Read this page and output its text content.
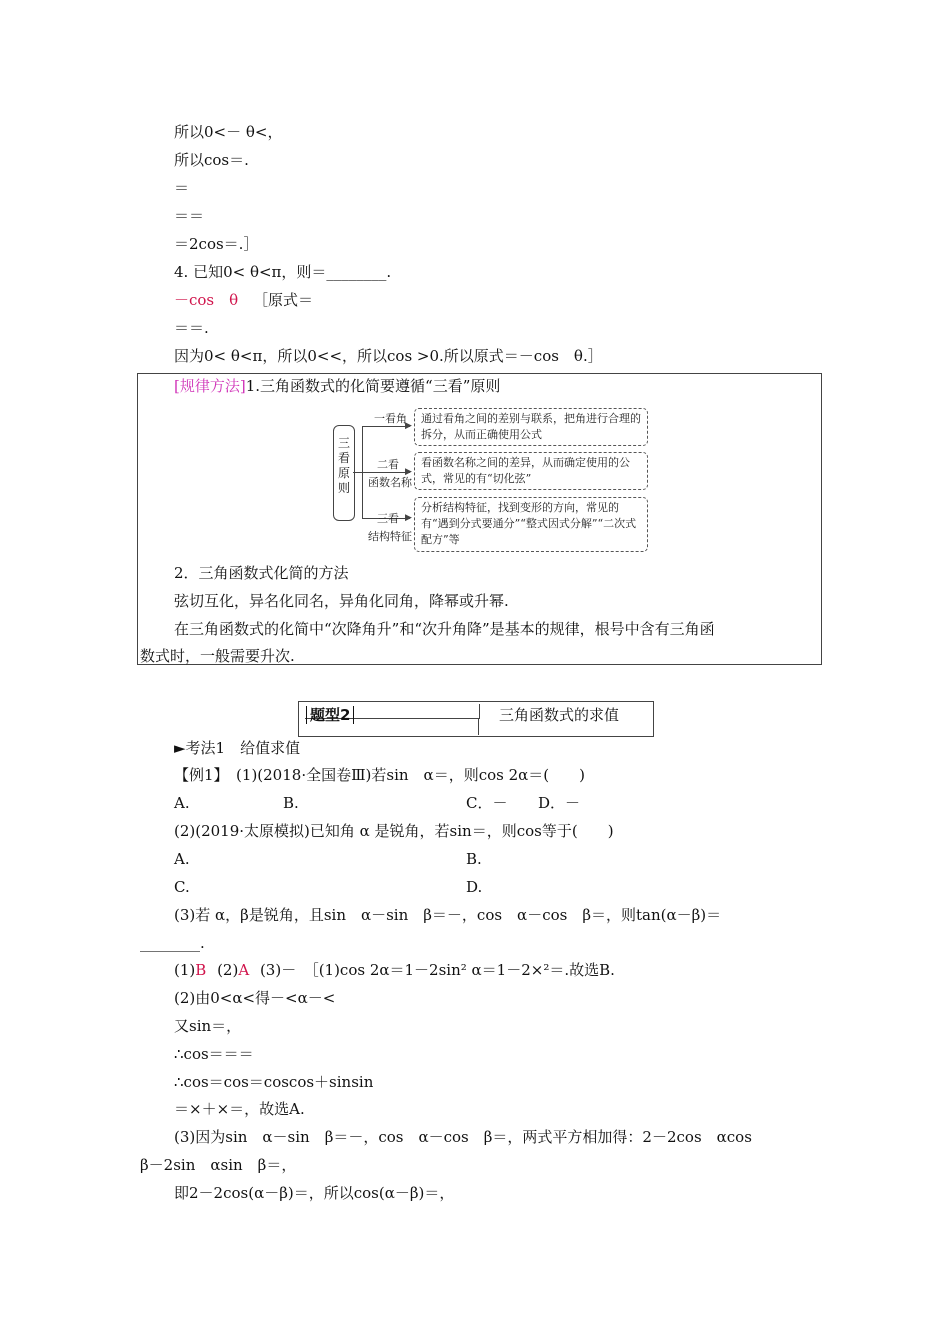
所以0<－ θ<，
所以cos＝.
＝
＝＝
＝2cos＝.］
4. 已知0< θ<π，则＝________.
－cos　θ ［原式＝
＝＝.
因为0< θ<π，所以0<<，所以cos >0.所以原式＝－cos　θ.］
[规律方法]1.三角函数式的化简要遵循“三看”原则
三看原则
一看角
二看
函数名称
三看
结构特征
▶
▶
▶
通过看角之间的差别与联系，把角进行合理的拆分，从而正确使用公式
看函数名称之间的差异，从而确定使用的公式，常见的有“切化弦”
分析结构特征，找到变形的方向，常见的有“遇到分式要通分”“整式因式分解”“二次式配方”等
2．三角函数式化简的方法
弦切互化，异名化同名，异角化同角，降幂或升幂.
在三角函数式的化简中“次降角升”和“次升角降”是基本的规律，根号中含有三角函
数式时，一般需要升次.
题型2	三角函数式的求值
►考法1　给值求值
【例1】　(1)(2018·全国卷Ⅲ)若sin　α＝，则cos 2α＝(　　)
A.	B.	C．－ D．－
(2)(2019·太原模拟)已知角 α 是锐角，若sin＝，则cos等于(　　)
A.	B.
C.	D.
(3)若 α，β是锐角，且sin　α－sin　β＝－，cos　α－cos　β＝，则tan(α－β)＝
________.
(1)B (2)A (3)－　［(1)cos 2α＝1－2sin² α＝1－2×²＝.故选B.
(2)由0<α<得－<α－<
又sin＝，
∴cos＝＝＝
∴cos＝cos＝coscos＋sinsin
＝×＋×＝，故选A.
(3)因为sin　α－sin　β＝－，cos　α－cos　β＝，两式平方相加得：2－2cos　αcos
β－2sin　αsin　β＝，
即2－2cos(α－β)＝，所以cos(α－β)＝，
